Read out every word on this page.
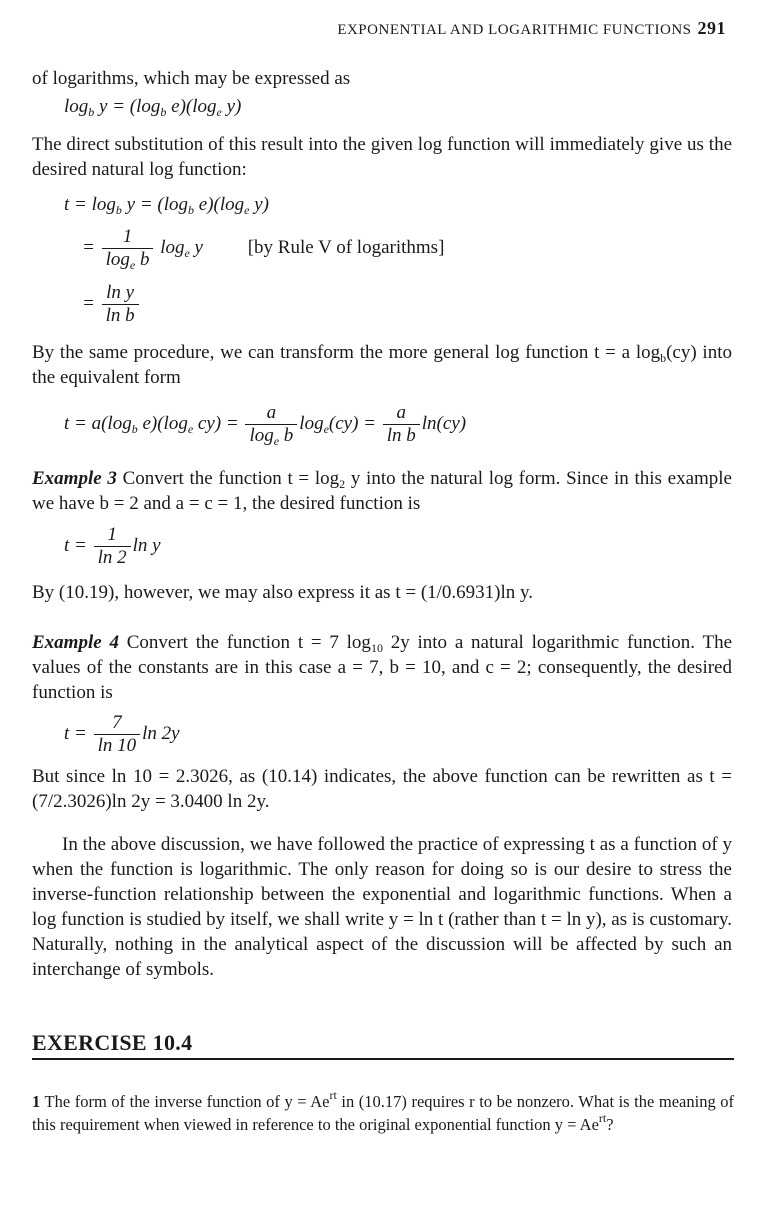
EXPONENTIAL AND LOGARITHMIC FUNCTIONS 291
of logarithms, which may be expressed as
$\log_b y = (\log_b$ $e)(\log_e$ y)
The direct substitution of this result into the given log function will immediately give us the desired natural log function:
$t = \log_b y = (\log_b$ $e)(\log_e$ y)
= $\frac{1}{\log_e b} \log_e y$ [by Rule V of logarithms]
= $\frac{\text{ln y}}{\text{ln b}}$
By the same procedure, we can transform the more general log function t = a $\log_b(cy)$ into the equivalent form
$t = a(\log_b$ $e)(\log_e$ $cy) = \frac{a}{\log_e b} \log_e(cy) = \frac{a}{\text{ln b}} \ln(cy)$
Example 3 Convert the function $t = \log_2 y$ into the natural log form. Since in this example we have b = 2 and a = c = 1, the desired function is
$t = \frac{1}{\ln 2}$ ln y
By (10.19), however, we may also express it as t = (1/0.6931)ln y.
Example 4 Convert the function t = 7 $\log_{10} 2y$ into a natural logarithmic function. The values of the constants are in this case a = 7, b = 10, and c = 2; consequently, the desired function is
$t = \frac{7}{\ln 10}$ ln 2y
But since ln 10 = 2.3026, as (10.14) indicates, the above function can be rewritten as t = (7/2.3026)ln 2y = 3.0400 ln 2y.
In the above discussion, we have followed the practice of expressing t as a function of y when the function is logarithmic. The only reason for doing so is our desire to stress the inverse-function relationship between the exponential and logarithmic functions. When a log function is studied by itself, we shall write y = ln t (rather than t = ln y), as is customary. Naturally, nothing in the analytical aspect of the discussion will be affected by such an interchange of symbols.
EXERCISE 10.4
1 The form of the inverse function of $y = Ae^{rt}$ in (10.17) requires r to be nonzero. What is the meaning of this requirement when viewed in reference to the original exponential function $y = Ae^{rt}$?
